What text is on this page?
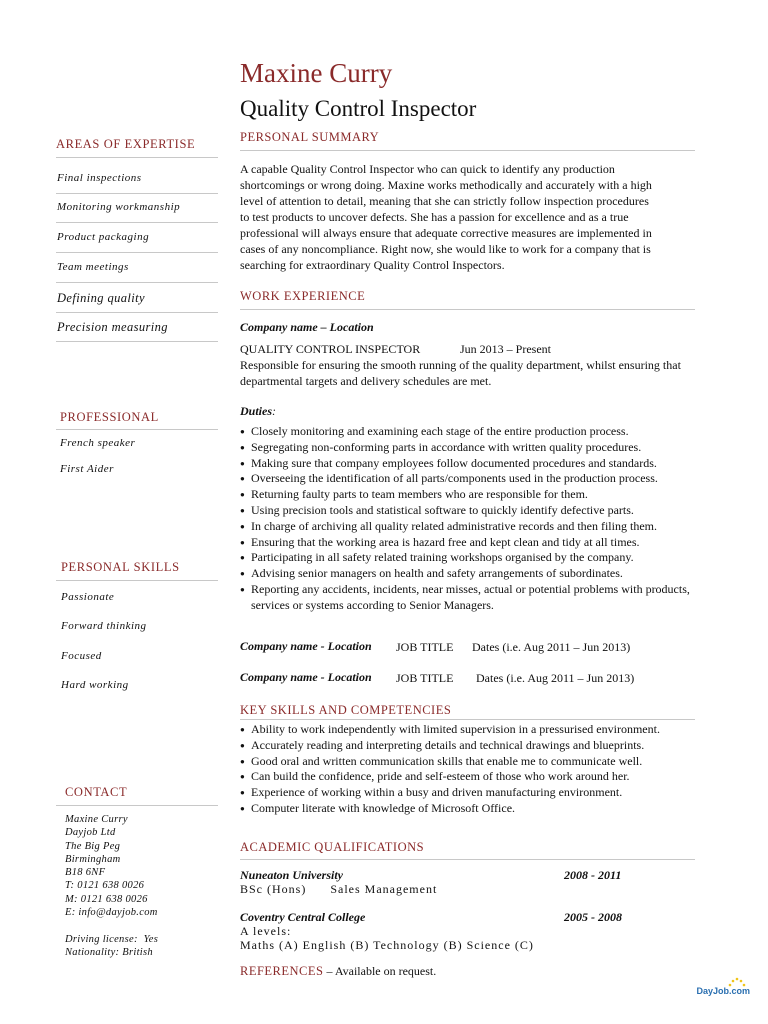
Maxine Curry
Quality Control Inspector
AREAS OF EXPERTISE
Final inspections
Monitoring workmanship
Product packaging
Team meetings
Defining quality
Precision measuring
PROFESSIONAL
French speaker
First Aider
PERSONAL SKILLS
Passionate
Forward thinking
Focused
Hard working
CONTACT
Maxine Curry
Dayjob Ltd
The Big Peg
Birmingham
B18 6NF
T: 0121 638 0026
M: 0121 638 0026
E: info@dayjob.com
Driving license:  Yes
Nationality: British
PERSONAL SUMMARY
A capable Quality Control Inspector who can quick to identify any production
shortcomings or wrong doing. Maxine works methodically and accurately with a high
level of attention to detail, meaning that she can strictly follow inspection procedures
to test products to uncover defects. She has a passion for excellence and as a true
professional will always ensure that adequate corrective measures are implemented in
cases of any noncompliance. Right now, she would like to work for a company that is
searching for extraordinary Quality Control Inspectors.
WORK EXPERIENCE
Company name – Location
QUALITY CONTROL INSPECTOR	Jun 2013 – Present
Responsible for ensuring the smooth running of the quality department, whilst ensuring that
departmental targets and delivery schedules are met.
Duties:
● Closely monitoring and examining each stage of the entire production process.
● Segregating non-conforming parts in accordance with written quality procedures.
● Making sure that company employees follow documented procedures and standards.
● Overseeing the identification of all parts/components used in the production process.
● Returning faulty parts to team members who are responsible for them.
● Using precision tools and statistical software to quickly identify defective parts.
● In charge of archiving all quality related administrative records and then filing them.
● Ensuring that the working area is hazard free and kept clean and tidy at all times.
● Participating in all safety related training workshops organised by the company.
● Advising senior managers on health and safety arrangements of subordinates.
● Reporting any accidents, incidents, near misses, actual or potential problems with products, services or systems according to Senior Managers.
Company name - Location JOB TITLE Dates (i.e. Aug 2011 – Jun 2013)
Company name - Location JOB TITLE Dates (i.e. Aug 2011 – Jun 2013)
KEY SKILLS AND COMPETENCIES
● Ability to work independently with limited supervision in a pressurised environment.
● Accurately reading and interpreting details and technical drawings and blueprints.
● Good oral and written communication skills that enable me to communicate well.
● Can build the confidence, pride and self-esteem of those who work around her.
● Experience of working within a busy and driven manufacturing environment.
● Computer literate with knowledge of Microsoft Office.
ACADEMIC QUALIFICATIONS
Nuneaton University	2008 - 2011
BSc (Hons)      Sales Management
Coventry Central College	2005 - 2008
A levels:
Maths (A) English (B) Technology (B) Science (C)
REFERENCES – Available on request.
DayJob.com
